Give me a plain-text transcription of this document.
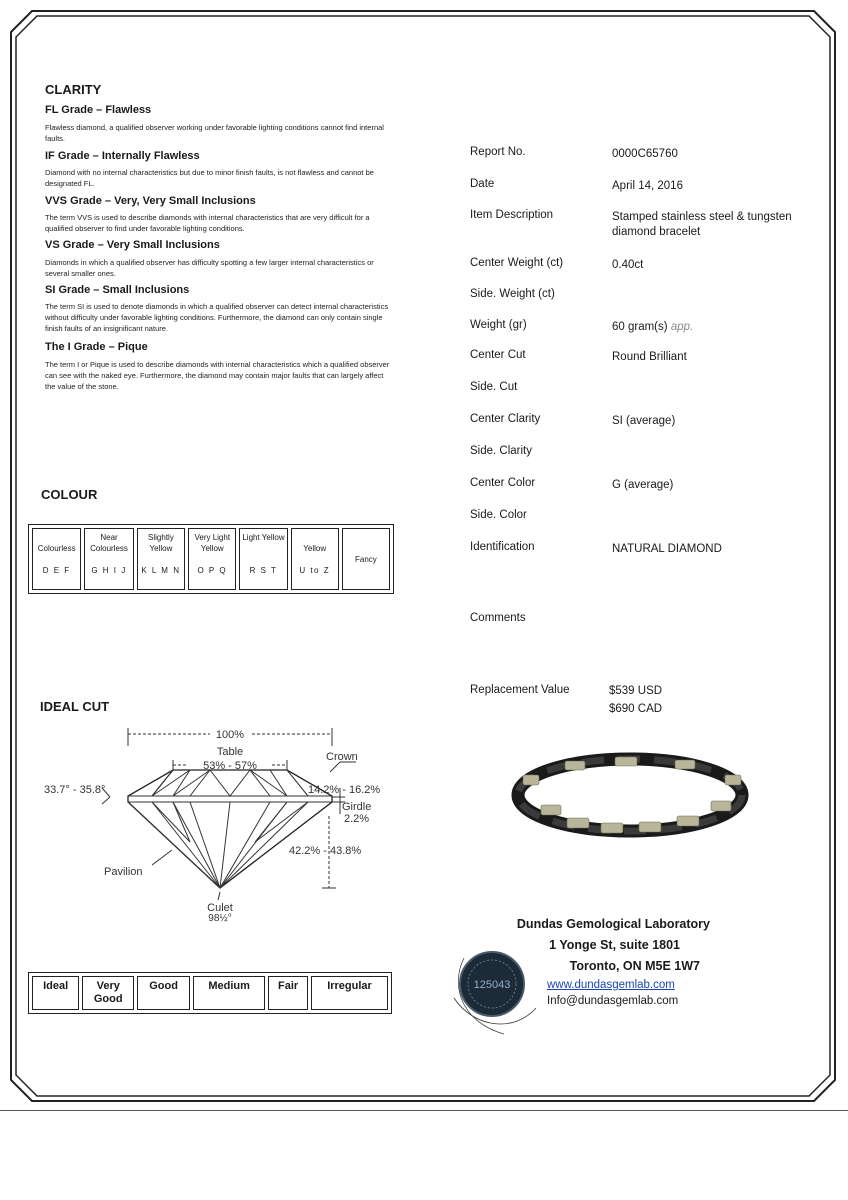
CLARITY
FL Grade – Flawless
Flawless diamond, a qualified observer working under favorable lighting conditions cannot find internal faults.
IF Grade – Internally Flawless
Diamond with no internal characteristics but due to minor finish faults, is not flawless and cannot be designated FL.
VVS Grade – Very, Very Small Inclusions
The term VVS is used to describe diamonds with internal characteristics that are very difficult for a qualified observer to find under favorable lighting conditions.
VS Grade – Very Small Inclusions
Diamonds in which a qualified observer has difficulty spotting a few larger internal characteristics or several smaller ones.
SI Grade – Small Inclusions
The term SI is used to denote diamonds in which a qualified observer can detect internal characteristics without difficulty under favorable lighting conditions. Furthermore, the diamond can only contain single finish faults of an insignificant nature.
The I Grade – Pique
The term I or Pique is used to describe diamonds with internal characteristics which a qualified observer can see with the naked eye. Furthermore, the diamond may contain major faults that can largely affect the value of the stone.
COLOUR
Colourless
D E F

Near Colourless
G H I J

Slightly Yellow
K L M N

Very Light Yellow
O P Q

Light Yellow
R S T

Yellow
U to Z
	Fancy
IDEAL CUT
100%
Table
53% - 57%
Crown
33.7° - 35.8°	14.2% - 16.2%
Girdle
2.2%
42.2% - 43.8%
Pavilion
Culet
98½°
Ideal	Very Good	Good	Medium	Fair	Irregular
Report No.	0000C65760
Date	April 14, 2016
Item Description	Stamped stainless steel & tungsten diamond bracelet
Center Weight (ct)	0.40ct
Side. Weight (ct)
Weight (gr)	60 gram(s) app.
Center Cut	Round Brilliant
Side. Cut
Center Clarity	SI (average)
Side. Clarity
Center Color	G (average)
Side. Color
Identification	NATURAL DIAMOND
Comments
Replacement Value	$539 USD
$690 CAD
Dundas Gemological Laboratory
1 Yonge St, suite 1801
Toronto, ON M5E 1W7
www.dundasgemlab.com
Info@dundasgemlab.com
125043
